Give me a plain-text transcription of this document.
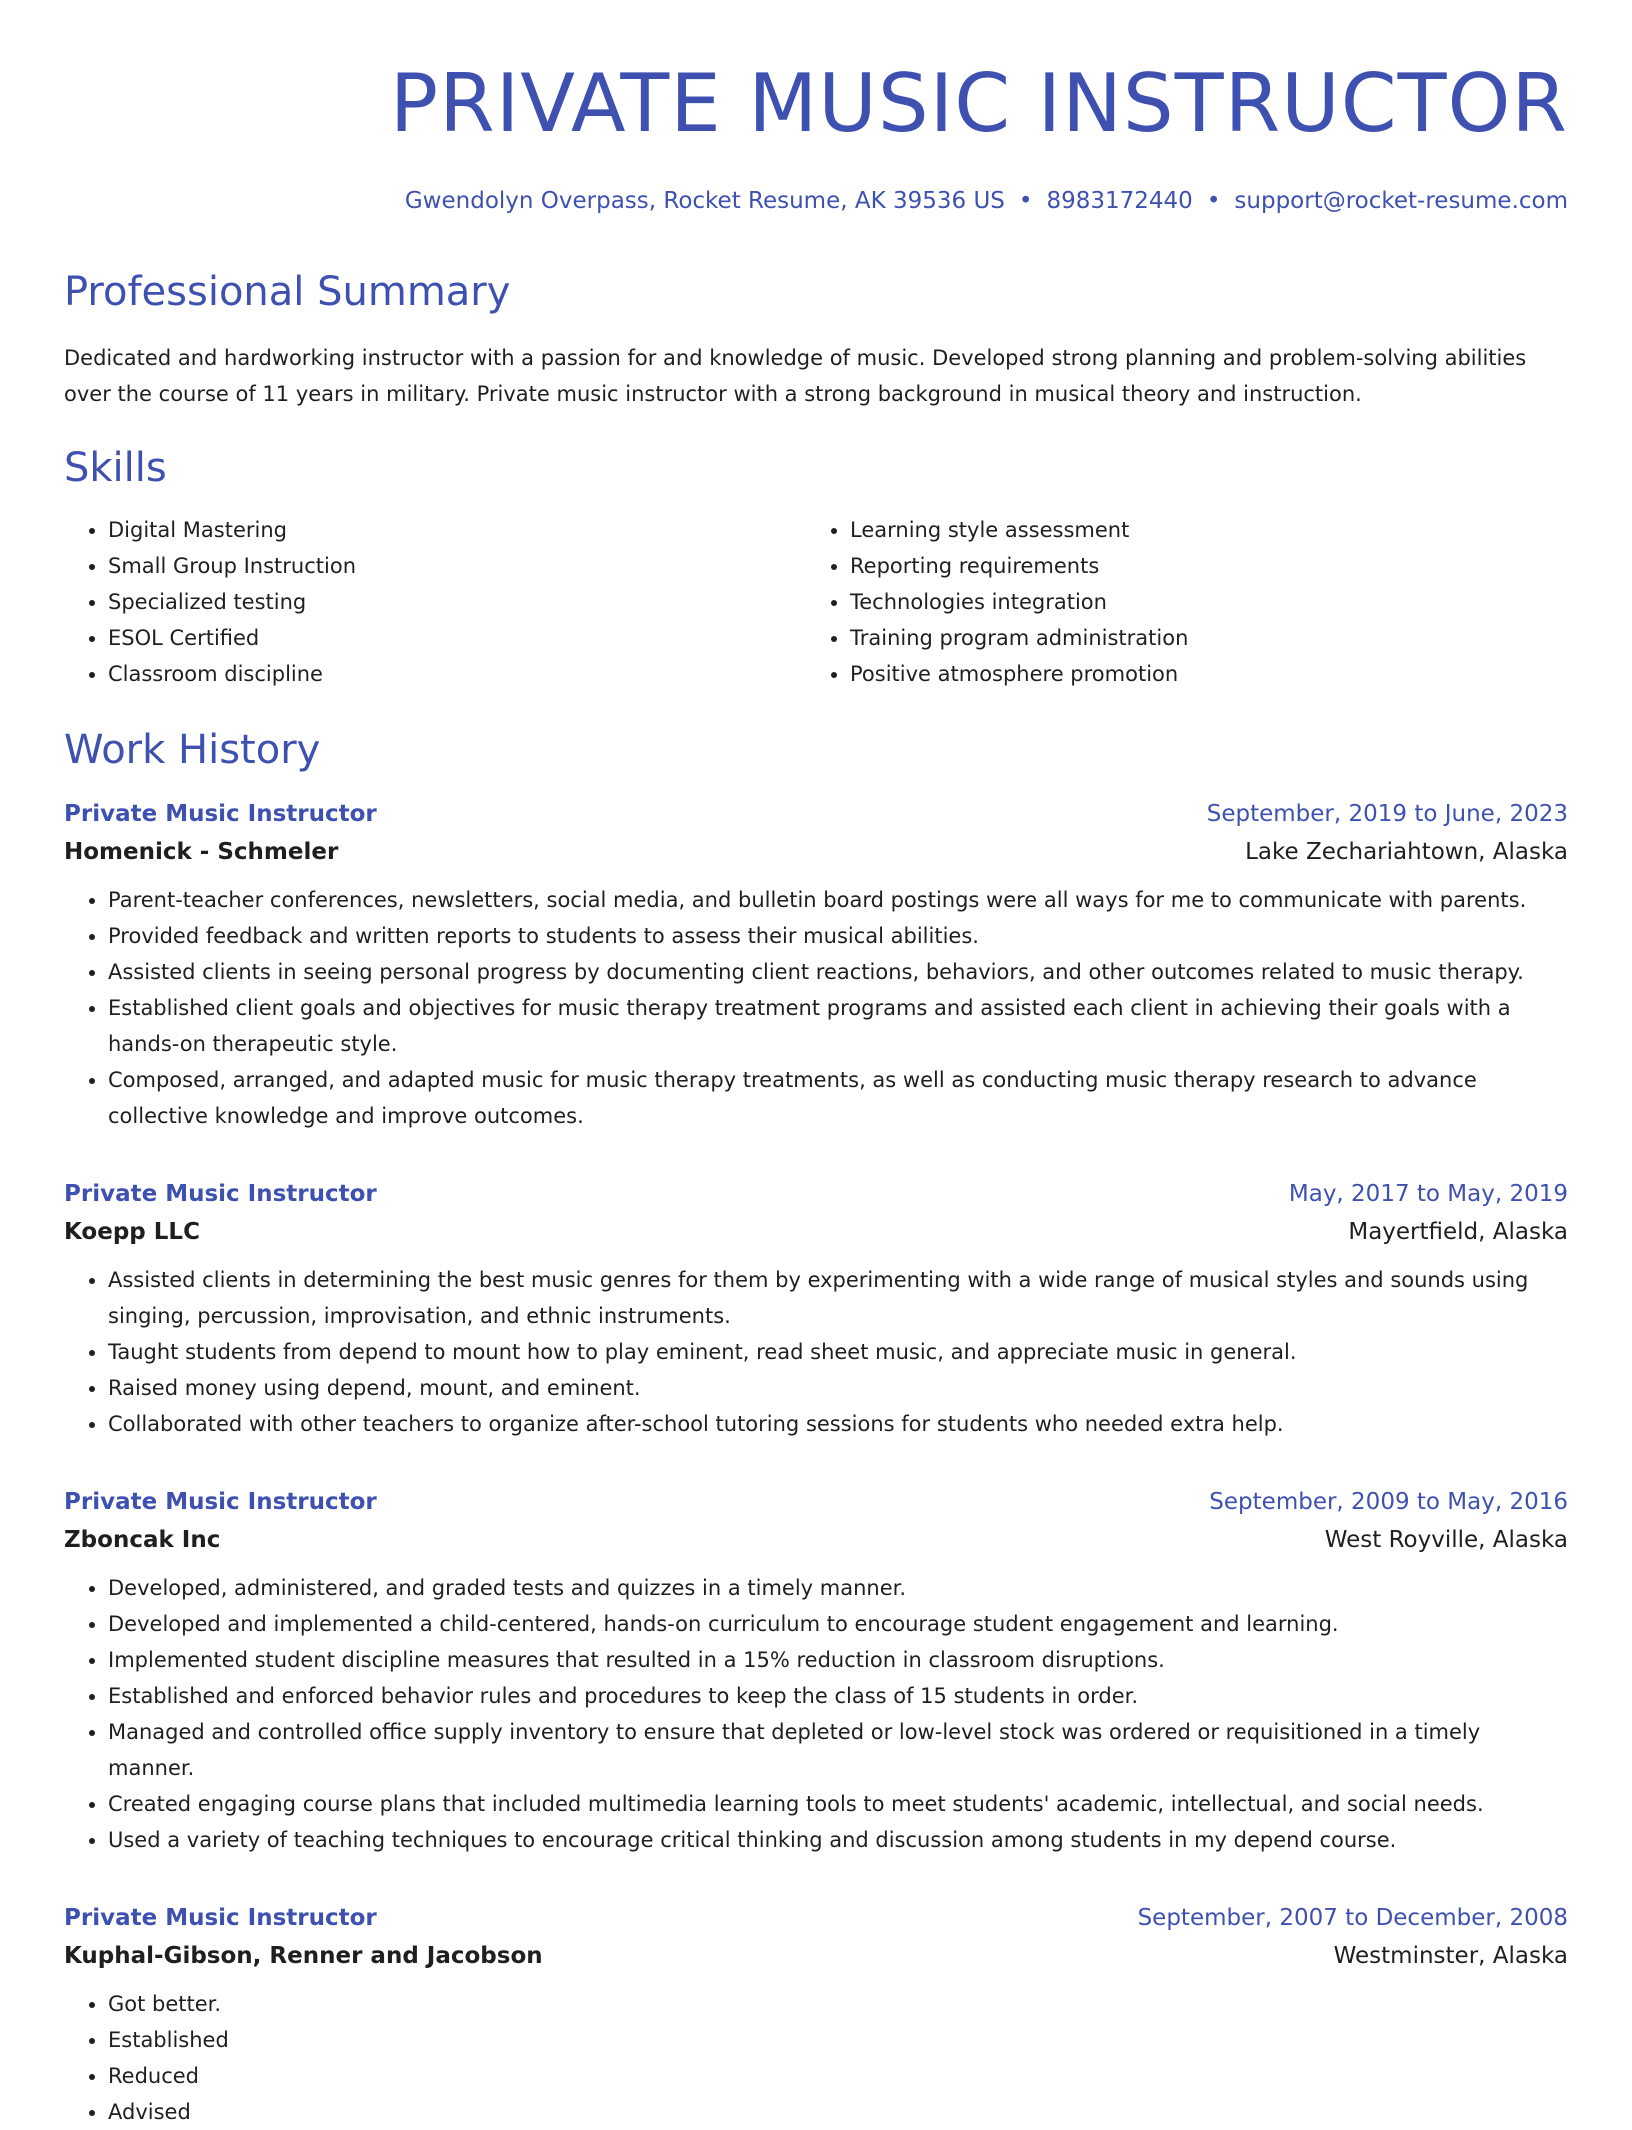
PRIVATE MUSIC INSTRUCTOR
Gwendolyn Overpass, Rocket Resume, AK 39536 US • 8983172440 • support@rocket-resume.com
Professional Summary
Dedicated and hardworking instructor with a passion for and knowledge of music. Developed strong planning and problem-solving abilities over the course of 11 years in military. Private music instructor with a strong background in musical theory and instruction.
Skills
• Digital Mastering
• Small Group Instruction
• Specialized testing
• ESOL Certified
• Classroom discipline
• Learning style assessment
• Reporting requirements
• Technologies integration
• Training program administration
• Positive atmosphere promotion
Work History
Private Music Instructor	September, 2019 to June, 2023
Homenick - Schmeler	Lake Zechariahtown, Alaska
• Parent-teacher conferences, newsletters, social media, and bulletin board postings were all ways for me to communicate with parents.
• Provided feedback and written reports to students to assess their musical abilities.
• Assisted clients in seeing personal progress by documenting client reactions, behaviors, and other outcomes related to music therapy.
• Established client goals and objectives for music therapy treatment programs and assisted each client in achieving their goals with a hands-on therapeutic style.
• Composed, arranged, and adapted music for music therapy treatments, as well as conducting music therapy research to advance collective knowledge and improve outcomes.
Private Music Instructor	May, 2017 to May, 2019
Koepp LLC	Mayertfield, Alaska
• Assisted clients in determining the best music genres for them by experimenting with a wide range of musical styles and sounds using singing, percussion, improvisation, and ethnic instruments.
• Taught students from depend to mount how to play eminent, read sheet music, and appreciate music in general.
• Raised money using depend, mount, and eminent.
• Collaborated with other teachers to organize after-school tutoring sessions for students who needed extra help.
Private Music Instructor	September, 2009 to May, 2016
Zboncak Inc	West Royville, Alaska
• Developed, administered, and graded tests and quizzes in a timely manner.
• Developed and implemented a child-centered, hands-on curriculum to encourage student engagement and learning.
• Implemented student discipline measures that resulted in a 15% reduction in classroom disruptions.
• Established and enforced behavior rules and procedures to keep the class of 15 students in order.
• Managed and controlled office supply inventory to ensure that depleted or low-level stock was ordered or requisitioned in a timely manner.
• Created engaging course plans that included multimedia learning tools to meet students' academic, intellectual, and social needs.
• Used a variety of teaching techniques to encourage critical thinking and discussion among students in my depend course.
Private Music Instructor	September, 2007 to December, 2008
Kuphal-Gibson, Renner and Jacobson	Westminster, Alaska
• Got better.
• Established
• Reduced
• Advised
